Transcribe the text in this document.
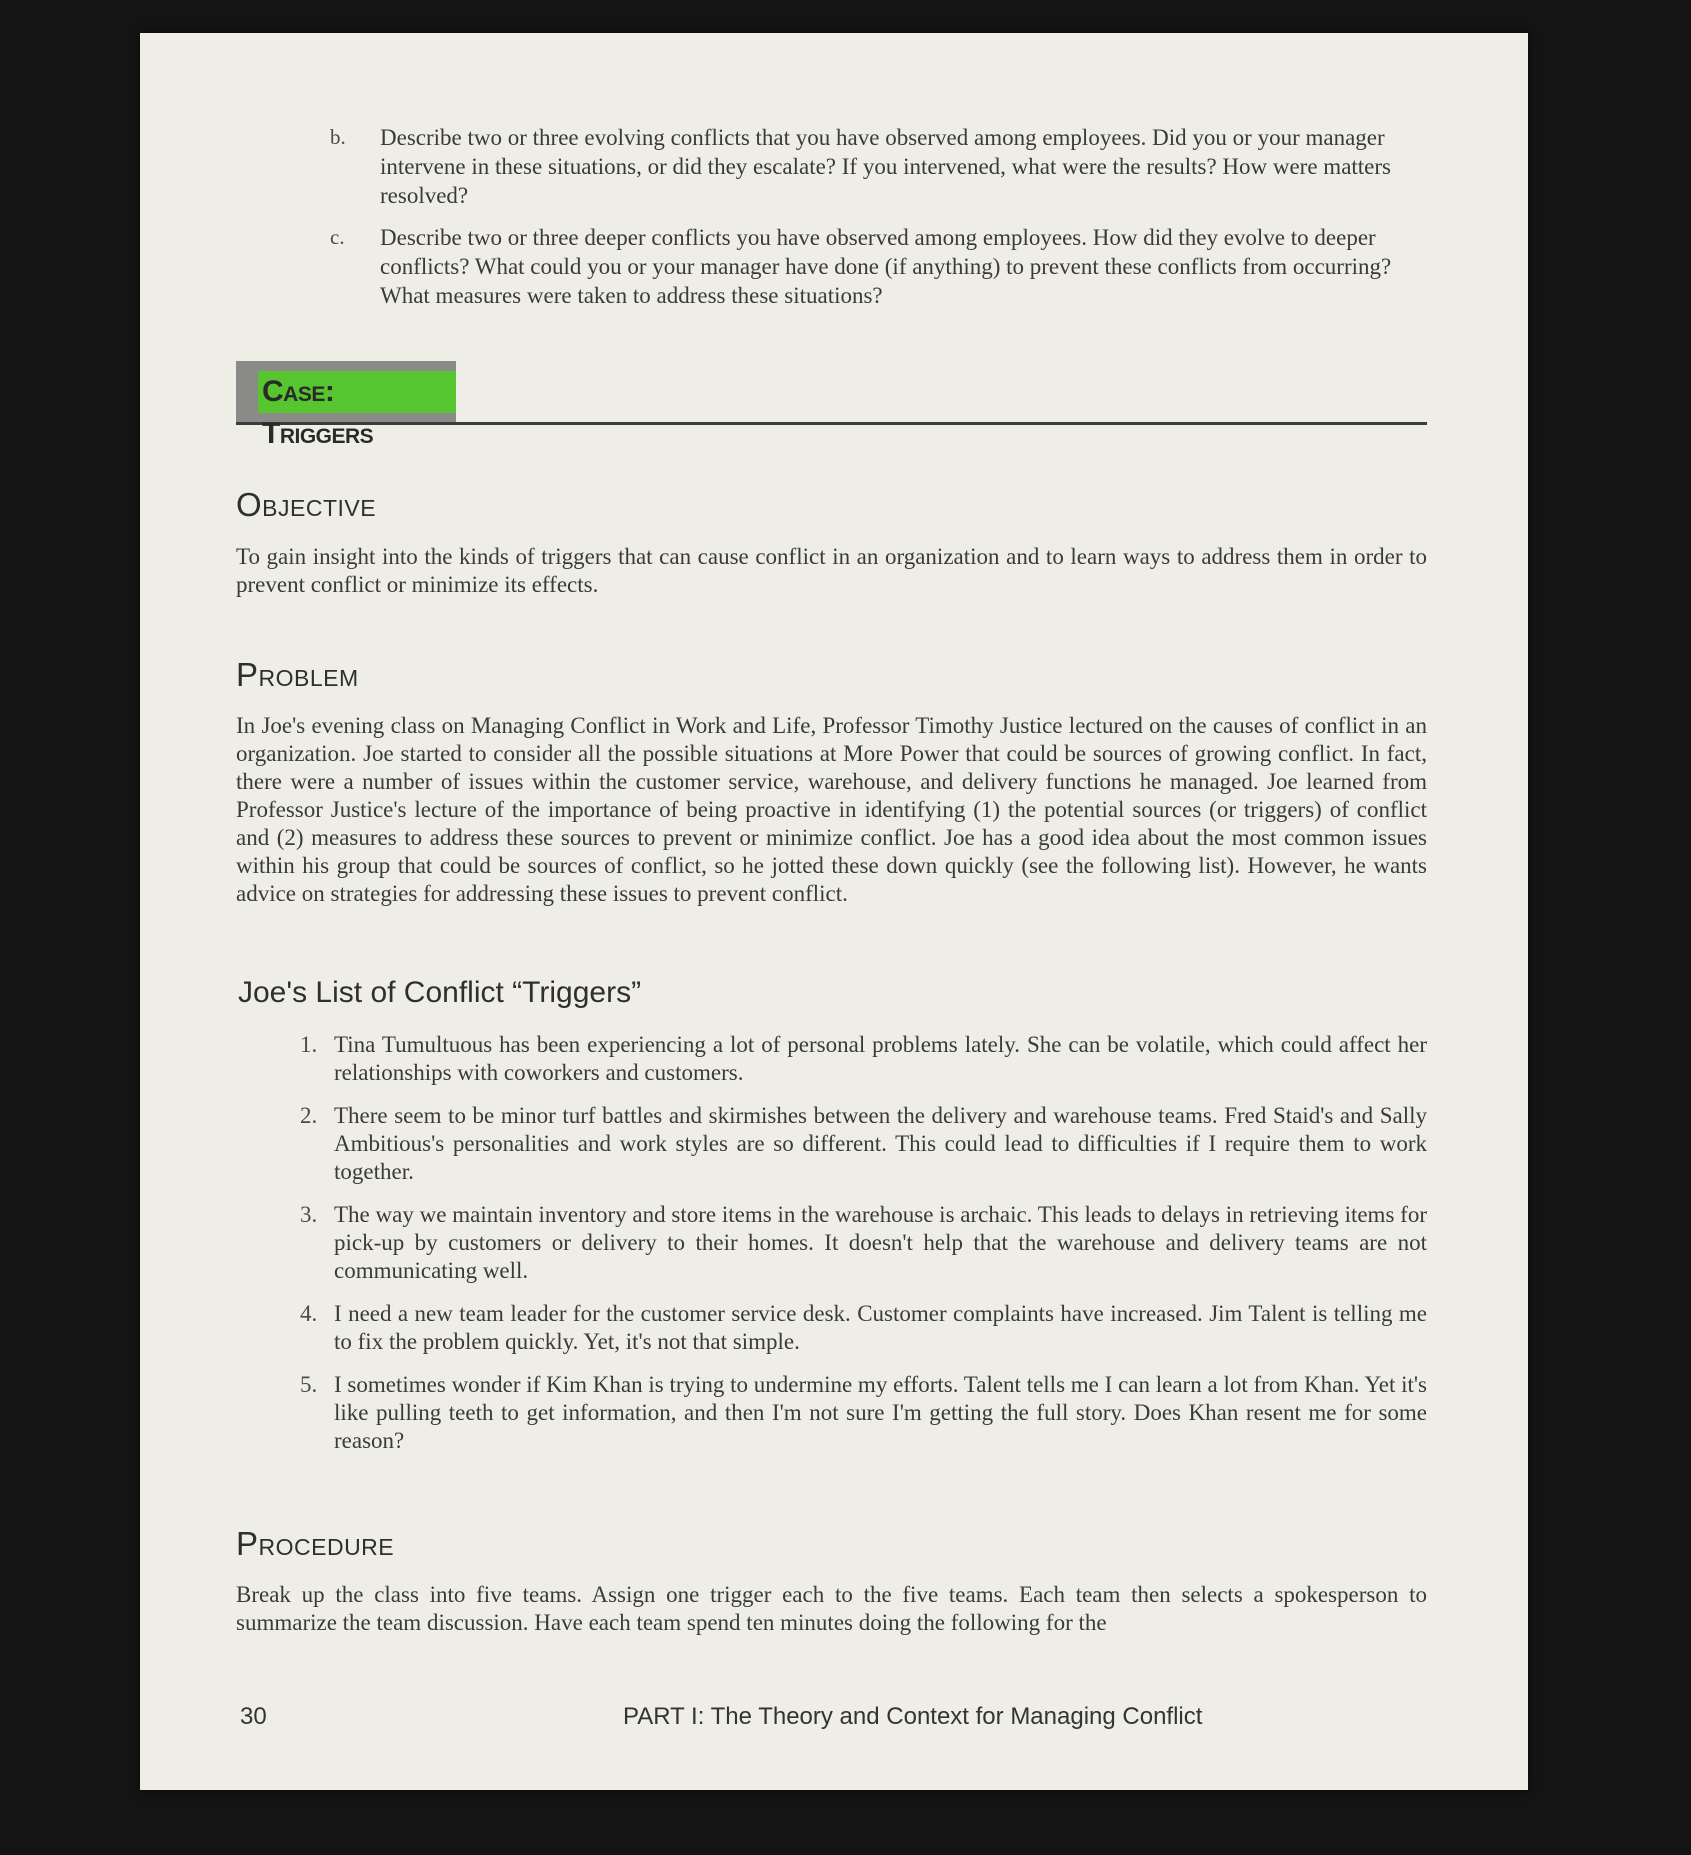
b.	Describe two or three evolving conflicts that you have observed among employees. Did you or your manager intervene in these situations, or did they escalate? If you intervened, what were the results? How were matters resolved?
c.	Describe two or three deeper conflicts you have observed among employees. How did they evolve to deeper conflicts? What could you or your manager have done (if anything) to prevent these conflicts from occurring? What measures were taken to address these situations?
Case: Triggers
Objective
To gain insight into the kinds of triggers that can cause conflict in an organization and to learn ways to address them in order to prevent conflict or minimize its effects.
Problem
In Joe's evening class on Managing Conflict in Work and Life, Professor Timothy Justice lectured on the causes of conflict in an organization. Joe started to consider all the possible situations at More Power that could be sources of growing conflict. In fact, there were a number of issues within the customer service, warehouse, and delivery functions he managed. Joe learned from Professor Justice's lecture of the importance of being proactive in identifying (1) the potential sources (or triggers) of conflict and (2) measures to address these sources to prevent or minimize conflict. Joe has a good idea about the most common issues within his group that could be sources of conflict, so he jotted these down quickly (see the following list). However, he wants advice on strategies for addressing these issues to prevent conflict.
Joe's List of Conflict “Triggers”
1. Tina Tumultuous has been experiencing a lot of personal problems lately. She can be volatile, which could affect her relationships with coworkers and customers.
2. There seem to be minor turf battles and skirmishes between the delivery and warehouse teams. Fred Staid's and Sally Ambitious's personalities and work styles are so different. This could lead to difficulties if I require them to work together.
3. The way we maintain inventory and store items in the warehouse is archaic. This leads to delays in retrieving items for pick-up by customers or delivery to their homes. It doesn't help that the warehouse and delivery teams are not communicating well.
4. I need a new team leader for the customer service desk. Customer complaints have increased. Jim Talent is telling me to fix the problem quickly. Yet, it's not that simple.
5. I sometimes wonder if Kim Khan is trying to undermine my efforts. Talent tells me I can learn a lot from Khan. Yet it's like pulling teeth to get information, and then I'm not sure I'm getting the full story. Does Khan resent me for some reason?
Procedure
Break up the class into five teams. Assign one trigger each to the five teams. Each team then selects a spokesperson to summarize the team discussion. Have each team spend ten minutes doing the following for the
30	PART I: The Theory and Context for Managing Conflict
